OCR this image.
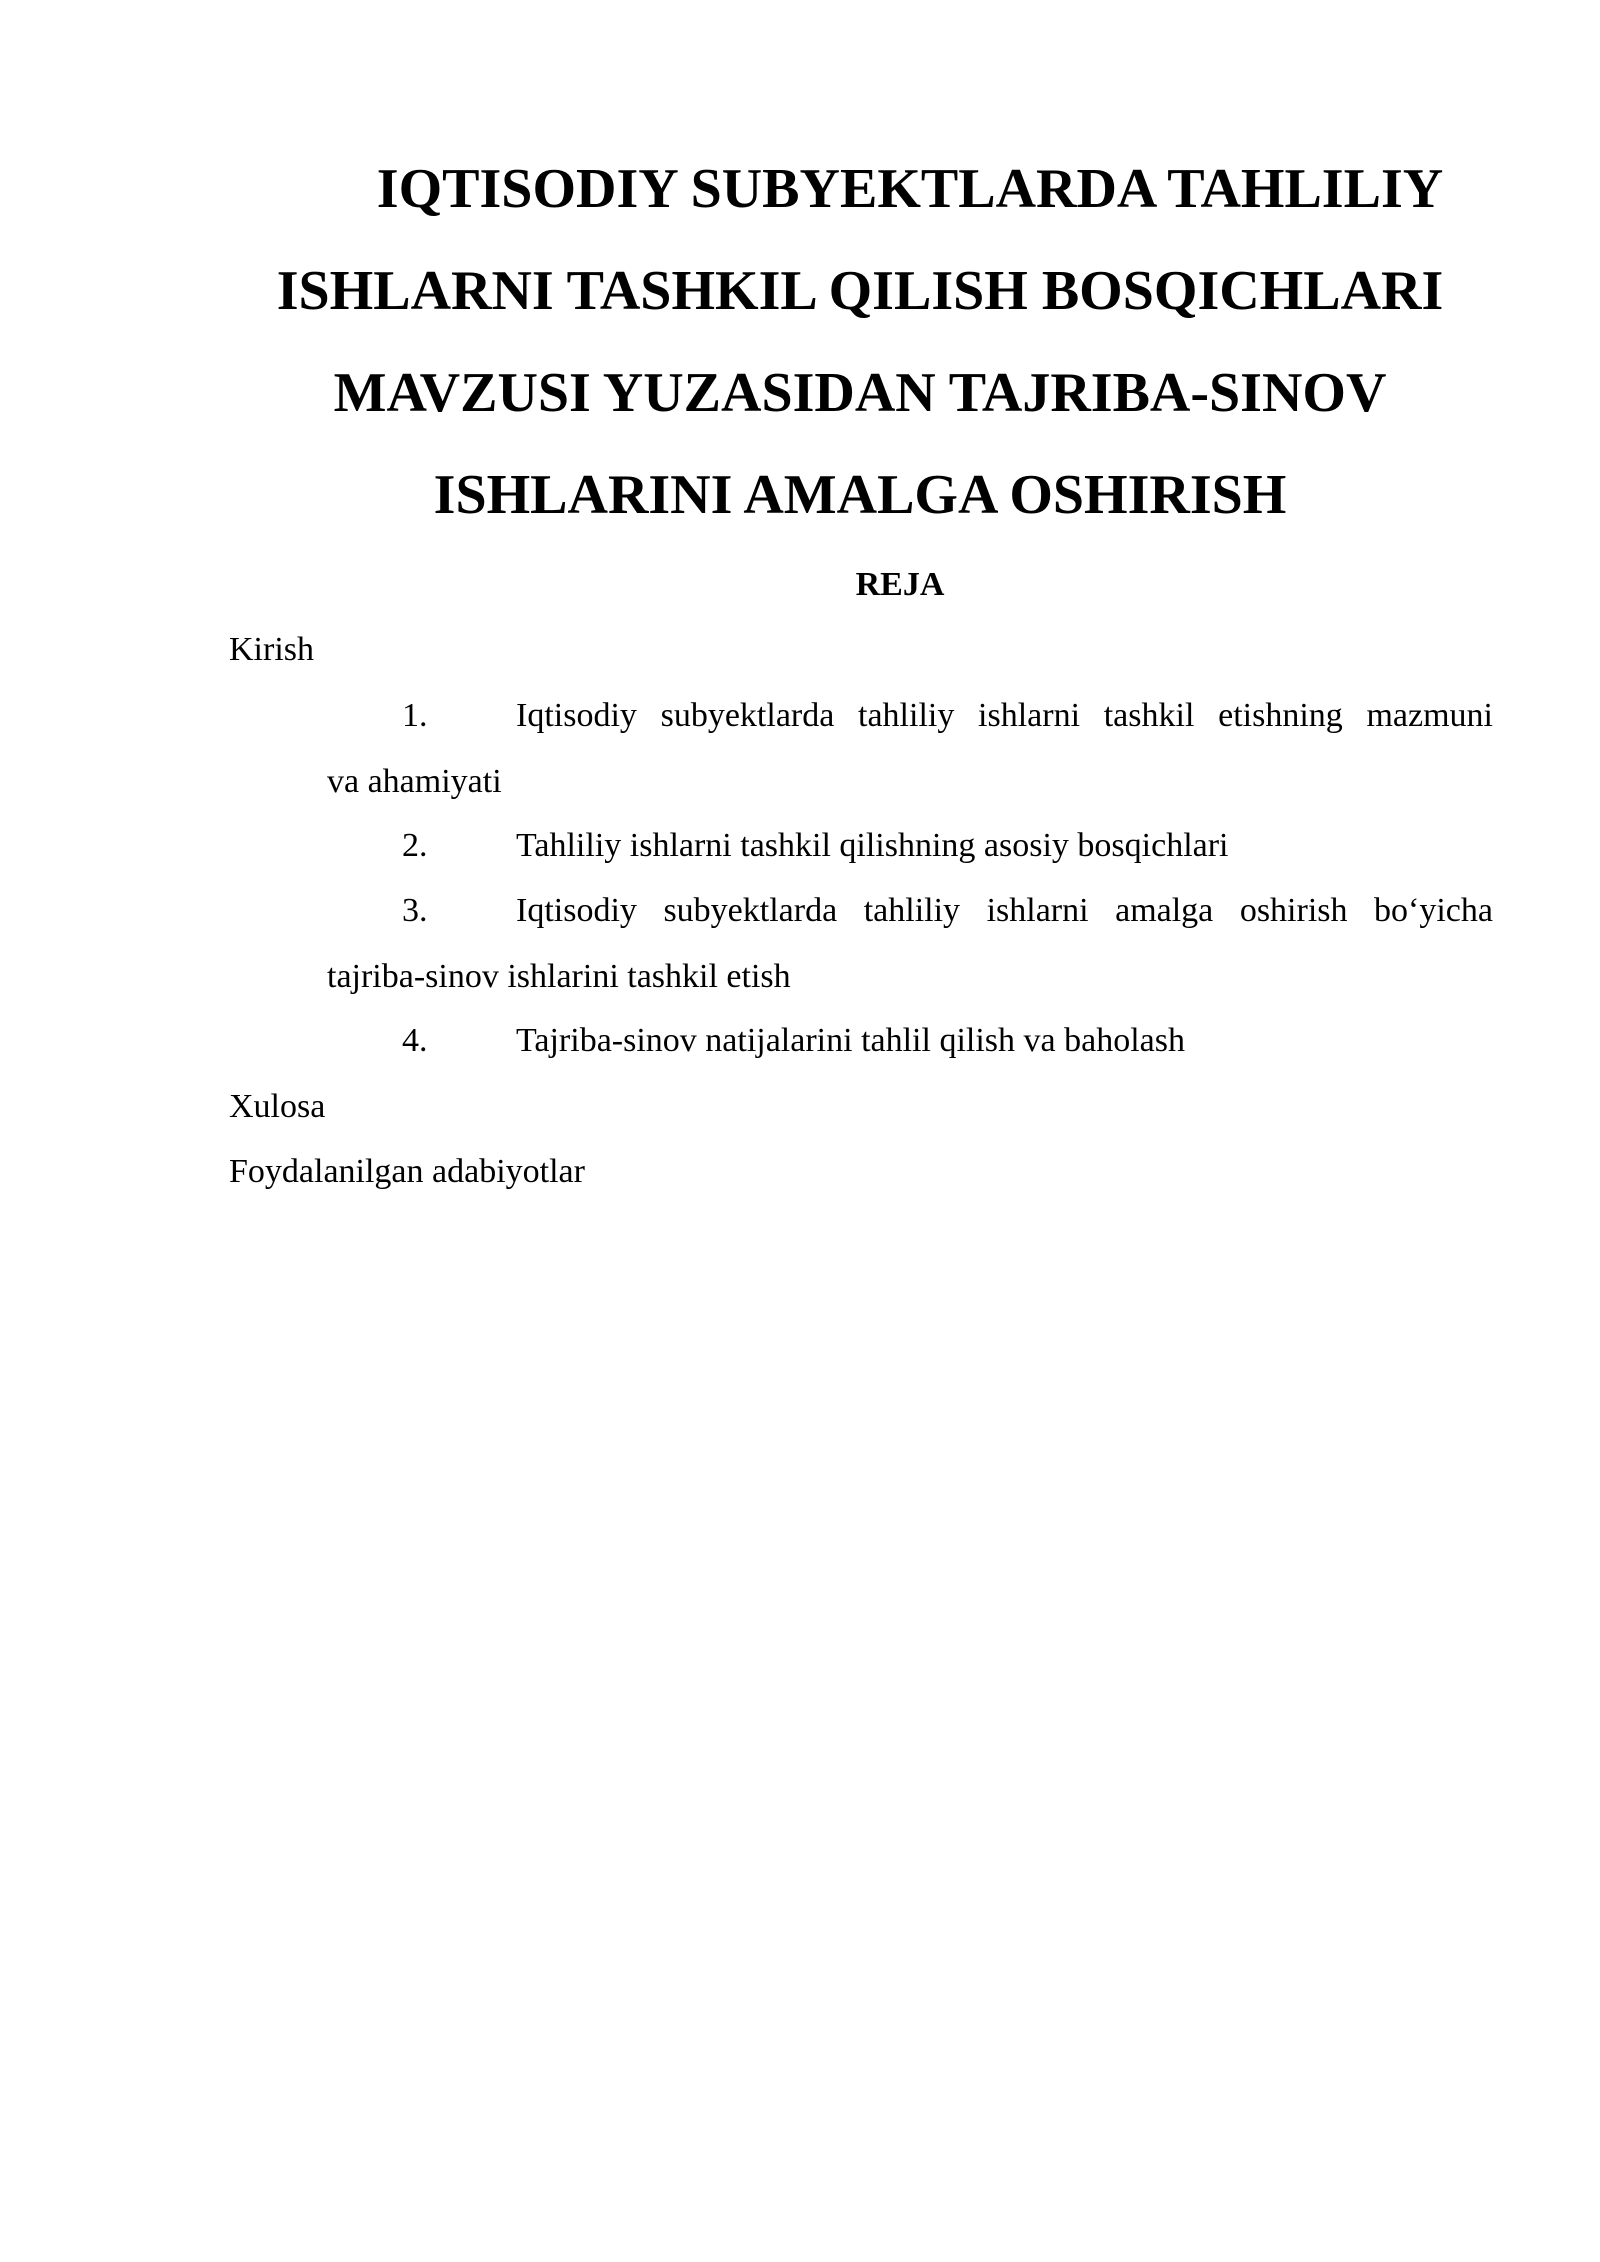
IQTISODIY SUBYEKTLARDA TAHLILIY
ISHLARNI TASHKIL QILISH BOSQICHLARI
MAVZUSI YUZASIDAN TAJRIBA-SINOV
ISHLARINI AMALGA OSHIRISH
REJA
Kirish
1.	Iqtisodiy subyektlarda tahliliy ishlarni tashkil etishning mazmuni
va ahamiyati
2.	Tahliliy ishlarni tashkil qilishning asosiy bosqichlari
3.	Iqtisodiy subyektlarda tahliliy ishlarni amalga oshirish bo‘yicha
tajriba-sinov ishlarini tashkil etish
4.	Tajriba-sinov natijalarini tahlil qilish va baholash
Xulosa
Foydalanilgan adabiyotlar
